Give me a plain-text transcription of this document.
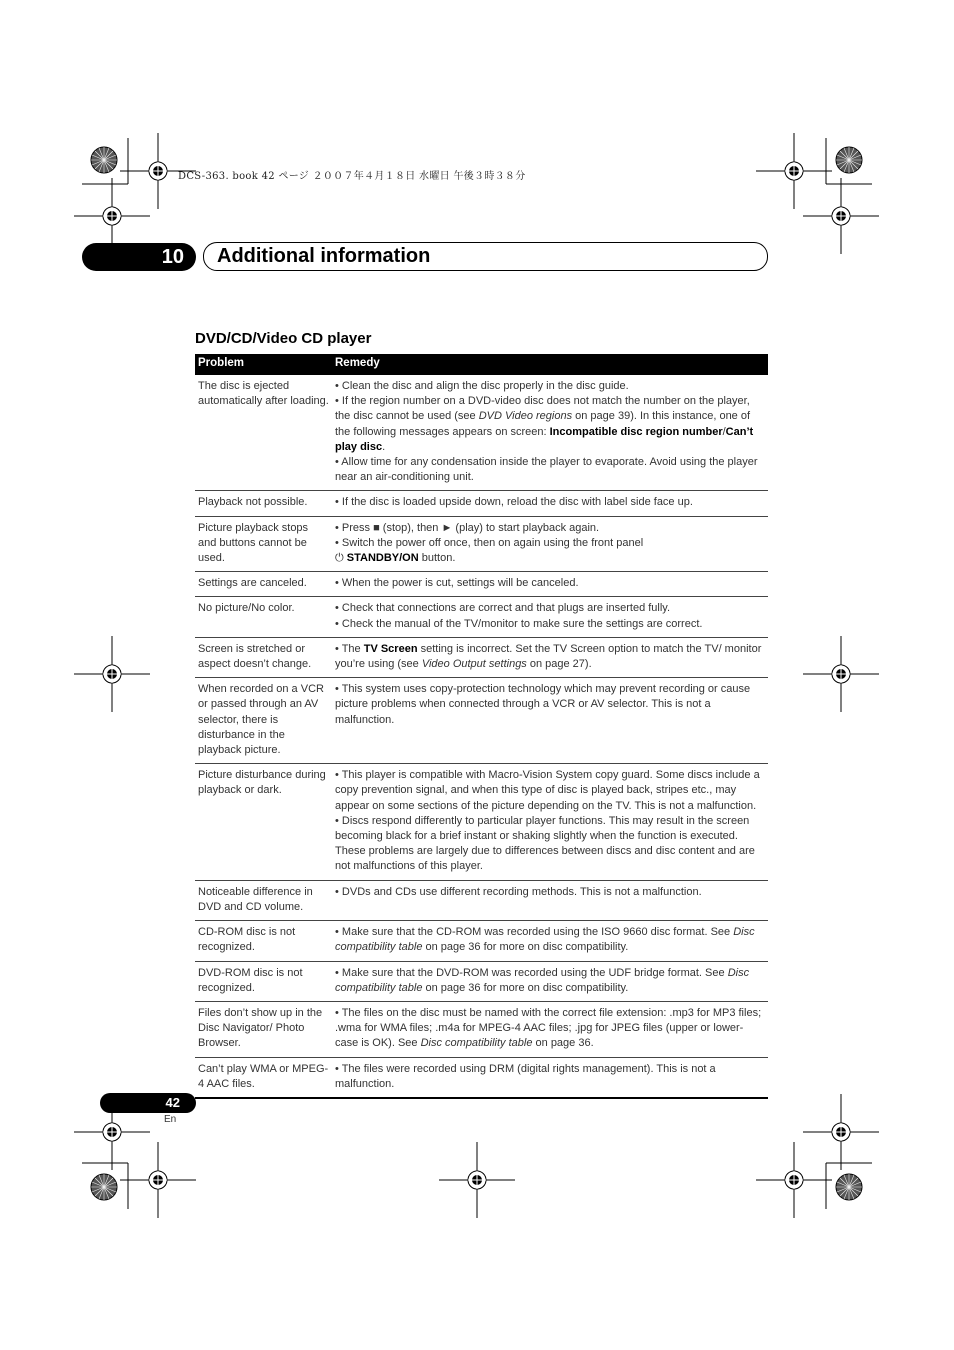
DCS-363. book 42 ページ ２００７年４月１８日 水曜日 午後３時３８分
10	Additional information
DVD/CD/Video CD player
Problem	Remedy
The disc is ejected automatically after loading.	• Clean the disc and align the disc properly in the disc guide.
• If the region number on a DVD-video disc does not match the number on the player, the disc cannot be used (see DVD Video regions on page 39). In this instance, one of the following messages appears on screen: Incompatible disc region number/Can’t play disc.
• Allow time for any condensation inside the player to evaporate. Avoid using the player near an air-conditioning unit.

Playback not possible.	• If the disc is loaded upside down, reload the disc with label side face up.

Picture playback stops and buttons cannot be used.	• Press ■ (stop), then ► (play) to start playback again.
• Switch the power off once, then on again using the front panel
⏻ STANDBY/ON button.

Settings are canceled.	• When the power is cut, settings will be canceled.

No picture/No color.	• Check that connections are correct and that plugs are inserted fully.
• Check the manual of the TV/monitor to make sure the settings are correct.

Screen is stretched or aspect doesn’t change.	• The TV Screen setting is incorrect. Set the TV Screen option to match the TV/ monitor you’re using (see Video Output settings on page 27).

When recorded on a VCR or passed through an AV selector, there is disturbance in the playback picture.	• This system uses copy-protection technology which may prevent recording or cause picture problems when connected through a VCR or AV selector. This is not a malfunction.

Picture disturbance during playback or dark.	• This player is compatible with Macro-Vision System copy guard. Some discs include a copy prevention signal, and when this type of disc is played back, stripes etc., may appear on some sections of the picture depending on the TV. This is not a malfunction.
• Discs respond differently to particular player functions. This may result in the screen becoming black for a brief instant or shaking slightly when the function is executed. These problems are largely due to differences between discs and disc content and are not malfunctions of this player.

Noticeable difference in DVD and CD volume.	• DVDs and CDs use different recording methods. This is not a malfunction.

CD-ROM disc is not recognized.	• Make sure that the CD-ROM was recorded using the ISO 9660 disc format. See Disc compatibility table on page 36 for more on disc compatibility.

DVD-ROM disc is not recognized.	• Make sure that the DVD-ROM was recorded using the UDF bridge format. See Disc compatibility table on page 36 for more on disc compatibility.

Files don’t show up in the Disc Navigator/ Photo Browser.	• The files on the disc must be named with the correct file extension: .mp3 for MP3 files; .wma for WMA files; .m4a for MPEG-4 AAC files; .jpg for JPEG files (upper or lower-case is OK). See Disc compatibility table on page 36.

Can’t play WMA or MPEG-4 AAC files.	• The files were recorded using DRM (digital rights management). This is not a malfunction.
42
En
